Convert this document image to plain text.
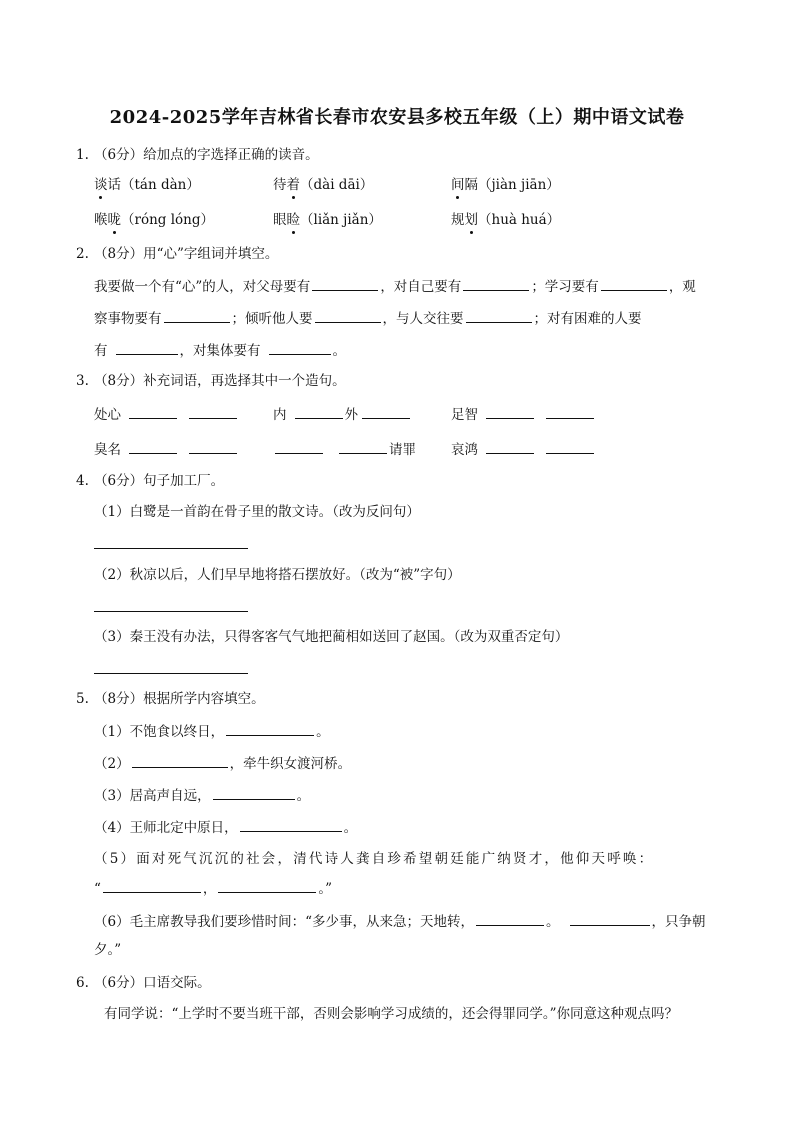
2024-2025学年吉林省长春市农安县多校五年级（上）期中语文试卷
1. （6分）给加点的字选择正确的读音。
谈话（tán dàn）	待着（dài dāi）	间隔（jiàn jiān）
喉咙（róng lóng）	眼睑（liǎn jiǎn）	规划（huà huá）
2. （8分）用“心”字组词并填空。
我要做一个有“心”的人，对父母要有	，对自己要有	；学习要有	，观
察事物要有	；倾听他人要	，与人交往要	；对有困难的人要
有	，对集体要有	。
3. （8分）补充词语，再选择其中一个造句。
处心	内	外	足智
臭名	请罪	哀鸿
4. （6分）句子加工厂。
（1）白鹭是一首韵在骨子里的散文诗。（改为反问句）
（2）秋凉以后，人们早早地将搭石摆放好。（改为“被”字句）
（3）秦王没有办法，只得客客气气地把蔺相如送回了赵国。（改为双重否定句）
5. （8分）根据所学内容填空。
（1）不饱食以终日，	。
（2）	，牵牛织女渡河桥。
（3）居高声自远，	。
（4）王师北定中原日，	。
（5）面对死气沉沉的社会，清代诗人龚自珍希望朝廷能广纳贤才，他仰天呼唤：
“	，	。”
（6）毛主席教导我们要珍惜时间：“多少事，从来急；天地转，	。	，只争朝
夕。”
6. （6分）口语交际。
有同学说：“上学时不要当班干部，否则会影响学习成绩的，还会得罪同学。”你同意这种观点吗？
